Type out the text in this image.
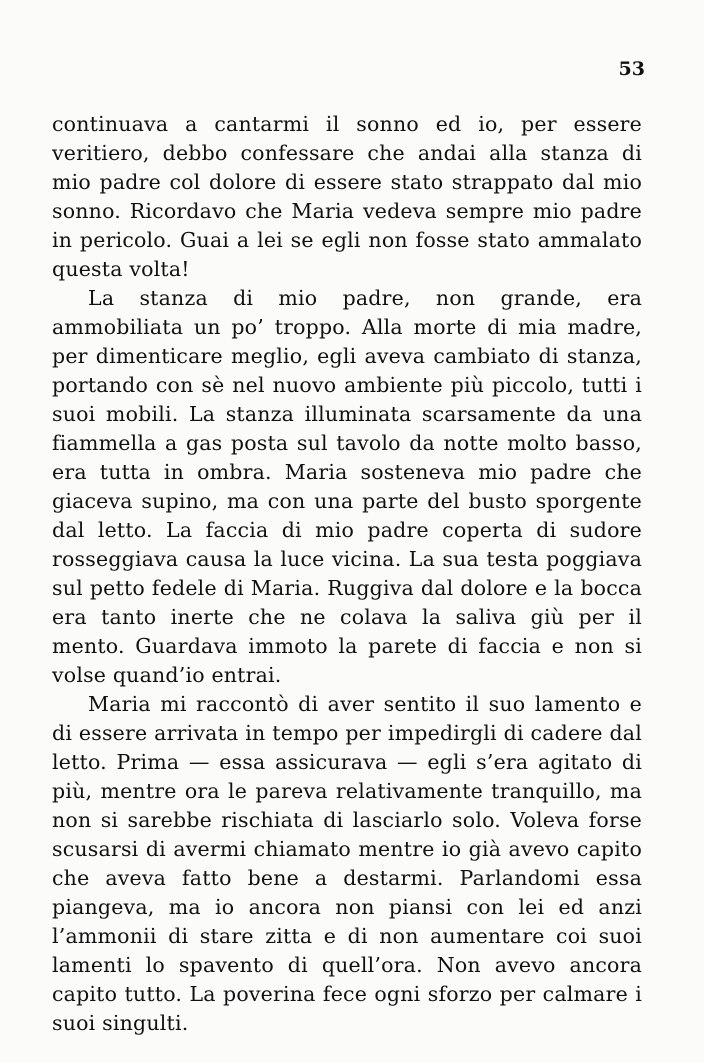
53

continuava a cantarmi il sonno ed io, per essere veritiero, debbo confessare che andai alla stanza di mio padre col dolore di essere stato strappato dal mio sonno. Ricordavo che Maria vedeva sempre mio padre in pericolo. Guai a lei se egli non fosse stato ammalato questa volta!

La stanza di mio padre, non grande, era ammobiliata un po’ troppo. Alla morte di mia madre, per dimenticare meglio, egli aveva cambiato di stanza, portando con sè nel nuovo ambiente più piccolo, tutti i suoi mobili. La stanza illuminata scarsamente da una fiammella a gas posta sul tavolo da notte molto basso, era tutta in ombra. Maria sosteneva mio padre che giaceva supino, ma con una parte del busto sporgente dal letto. La faccia di mio padre coperta di sudore rosseggiava causa la luce vicina. La sua testa poggiava sul petto fedele di Maria. Ruggiva dal dolore e la bocca era tanto inerte che ne colava la saliva giù per il mento. Guardava immoto la parete di faccia e non si volse quand’io entrai.

Maria mi raccontò di aver sentito il suo lamento e di essere arrivata in tempo per impedirgli di cadere dal letto. Prima — essa assicurava — egli s’era agitato di più, mentre ora le pareva relativamente tranquillo, ma non si sarebbe rischiata di lasciarlo solo. Voleva forse scusarsi di avermi chiamato mentre io già avevo capito che aveva fatto bene a destarmi. Parlandomi essa piangeva, ma io ancora non piansi con lei ed anzi l’ammonii di stare zitta e di non aumentare coi suoi lamenti lo spavento di quell’ora. Non avevo ancora capito tutto. La poverina fece ogni sforzo per calmare i suoi singulti.
